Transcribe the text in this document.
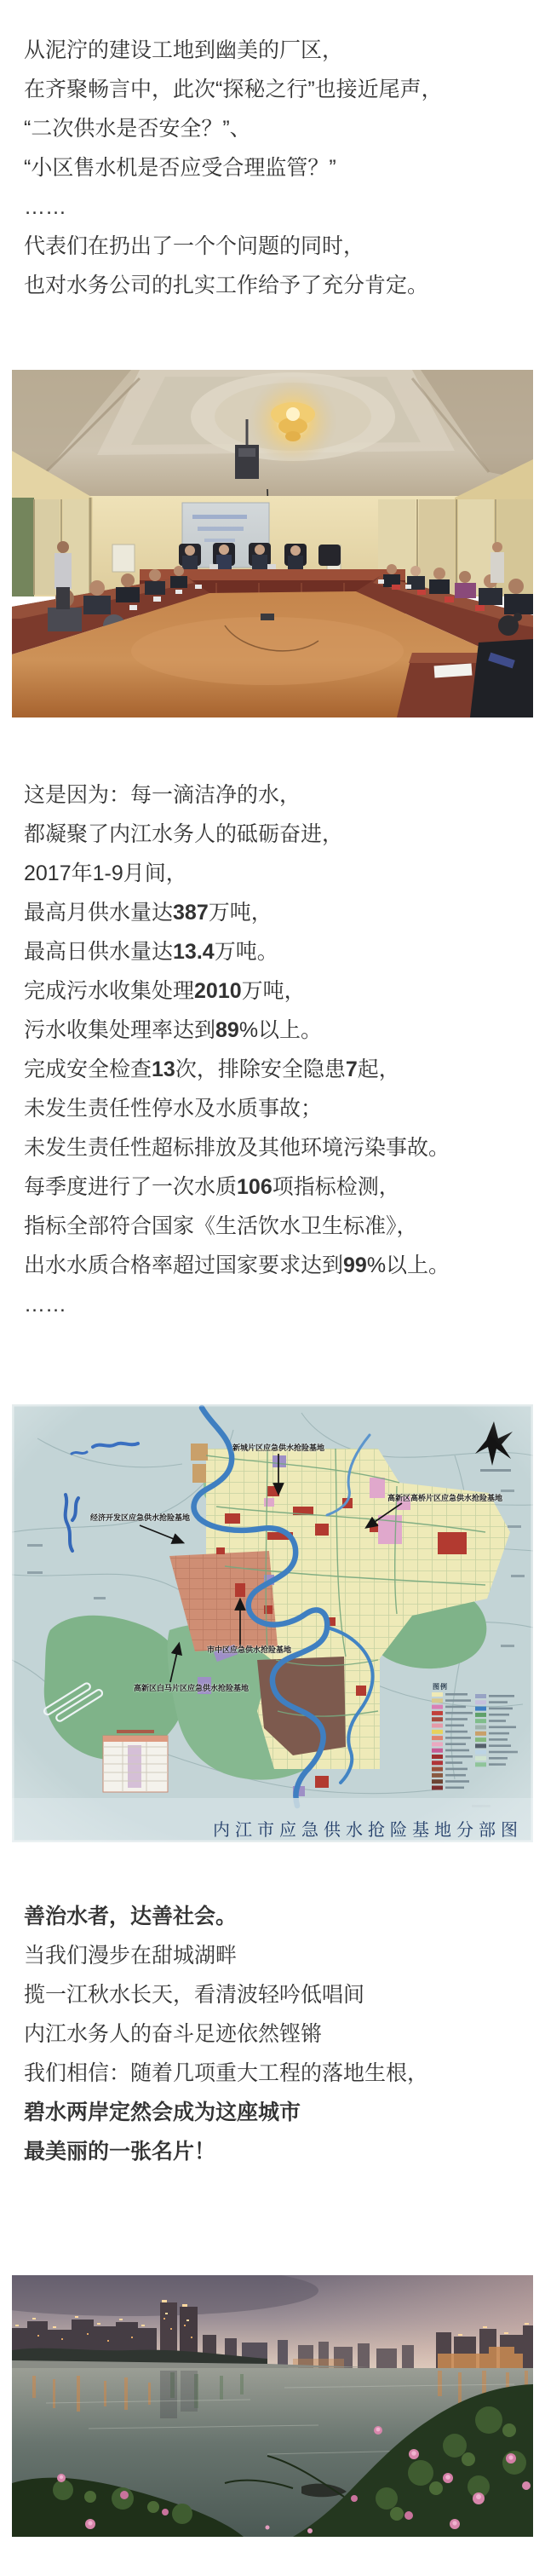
从泥泞的建设工地到幽美的厂区，

在齐聚畅言中，此次“探秘之行”也接近尾声，

“二次供水是否安全？”、

“小区售水机是否应受合理监管？”

……

代表们在扔出了一个个问题的同时，

也对水务公司的扎实工作给予了充分肯定。

这是因为：每一滴洁净的水，

都凝聚了内江水务人的砥砺奋进，

2017年1-9月间，

最高月供水量达387万吨，

最高日供水量达13.4万吨。

完成污水收集处理2010万吨，

污水收集处理率达到89%以上。

完成安全检查13次，排除安全隐患7起，

未发生责任性停水及水质事故；

未发生责任性超标排放及其他环境污染事故。

每季度进行了一次水质106项指标检测，

指标全部符合国家《生活饮水卫生标准》，

出水水质合格率超过国家要求达到99%以上。

……

新城片区应急供水抢险基地
高新区高桥片区应急供水抢险基地
经济开发区应急供水抢险基地
市中区应急供水抢险基地
高新区白马片区应急供水抢险基地	图例
内江市应急供水抢险基地分部图

善治水者，达善社会。

当我们漫步在甜城湖畔

揽一江秋水长天，看清波轻吟低唱间

内江水务人的奋斗足迹依然铿锵

我们相信：随着几项重大工程的落地生根，

碧水两岸定然会成为这座城市

最美丽的一张名片！
